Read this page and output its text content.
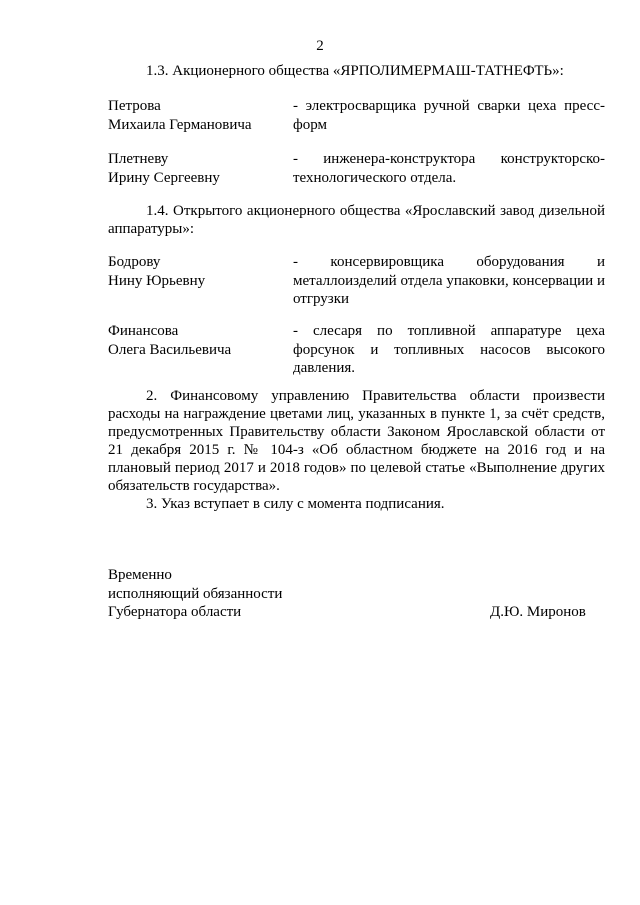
2
1.3. Акционерного общества «ЯРПОЛИМЕРМАШ-ТАТНЕФТЬ»:
Петрова
Михаила Германовича
- электросварщика ручной сварки цеха пресс-форм
Плетневу
Ирину Сергеевну
- инженера-конструктора конструкторско-технологического отдела.
1.4. Открытого акционерного общества «Ярославский завод дизельной аппаратуры»:
Бодрову
Нину Юрьевну
- консервировщика оборудования и металлоизделий отдела упаковки, консервации и отгрузки
Финансова
Олега Васильевича
- слесаря по топливной аппаратуре цеха форсунок и топливных насосов высокого давления.
2. Финансовому управлению Правительства области произвести расходы на награждение цветами лиц, указанных в пункте 1, за счёт средств, предусмотренных Правительству области Законом Ярославской области от 21 декабря 2015 г. № 104-з «Об областном бюджете на 2016 год и на плановый период 2017 и 2018 годов» по целевой статье «Выполнение других обязательств государства».
3. Указ вступает в силу с момента подписания.
Временно
исполняющий обязанности
Губернатора области	Д.Ю. Миронов
